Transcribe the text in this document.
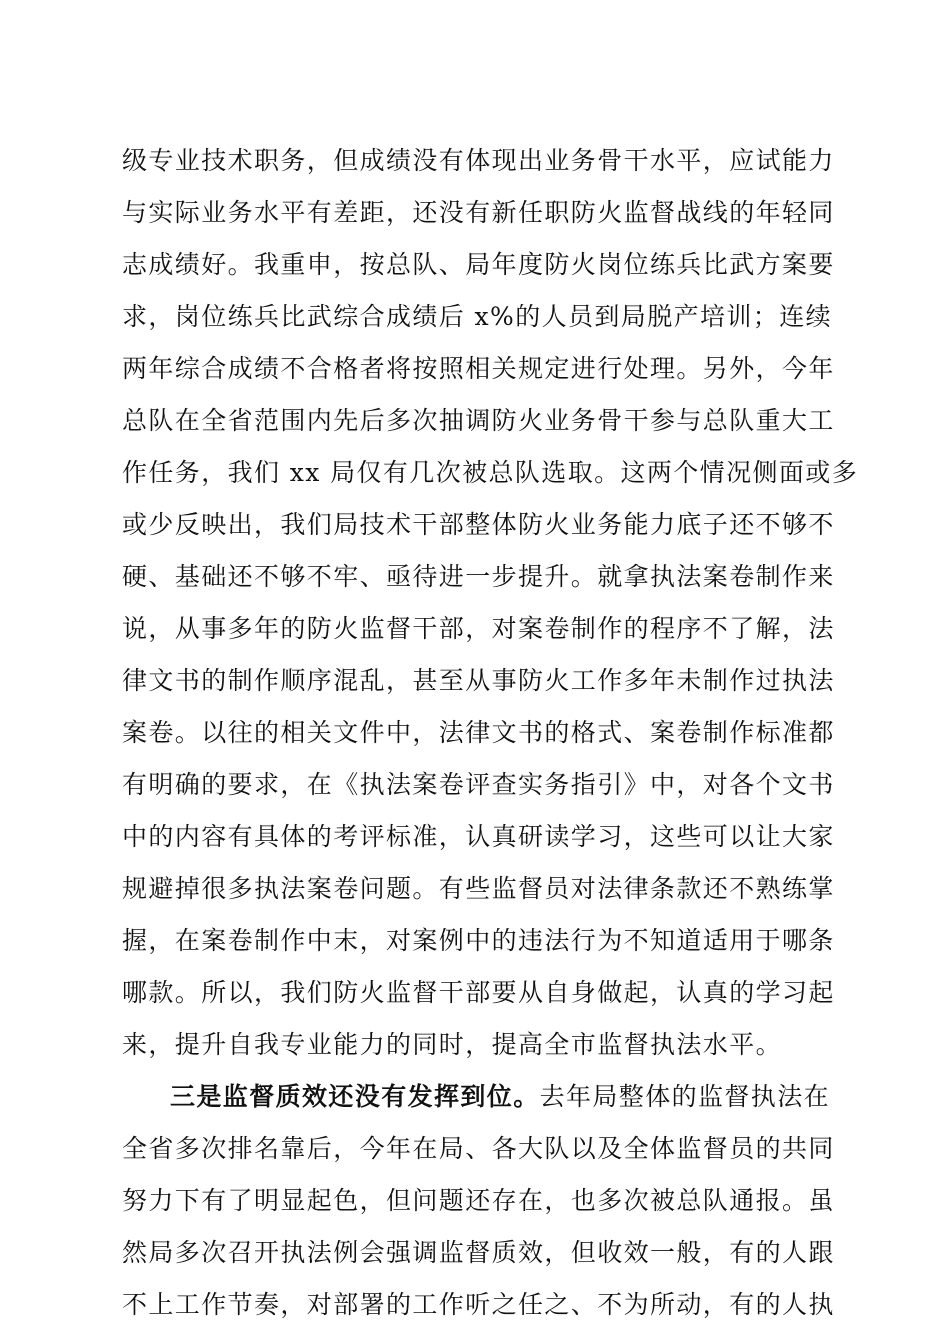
级专业技术职务，但成绩没有体现出业务骨干水平，应试能力
与实际业务水平有差距，还没有新任职防火监督战线的年轻同
志成绩好。我重申，按总队、局年度防火岗位练兵比武方案要
求，岗位练兵比武综合成绩后 x%的人员到局脱产培训；连续
两年综合成绩不合格者将按照相关规定进行处理。另外，今年
总队在全省范围内先后多次抽调防火业务骨干参与总队重大工
作任务，我们 xx 局仅有几次被总队选取。这两个情况侧面或多
或少反映出，我们局技术干部整体防火业务能力底子还不够不
硬、基础还不够不牢、亟待进一步提升。就拿执法案卷制作来
说，从事多年的防火监督干部，对案卷制作的程序不了解，法
律文书的制作顺序混乱，甚至从事防火工作多年未制作过执法
案卷。以往的相关文件中，法律文书的格式、案卷制作标准都
有明确的要求，在《执法案卷评查实务指引》中，对各个文书
中的内容有具体的考评标准，认真研读学习，这些可以让大家
规避掉很多执法案卷问题。有些监督员对法律条款还不熟练掌
握，在案卷制作中末，对案例中的违法行为不知道适用于哪条
哪款。所以，我们防火监督干部要从自身做起，认真的学习起
来，提升自我专业能力的同时，提高全市监督执法水平。
三是监督质效还没有发挥到位。去年局整体的监督执法在
全省多次排名靠后，今年在局、各大队以及全体监督员的共同
努力下有了明显起色，但问题还存在，也多次被总队通报。虽
然局多次召开执法例会强调监督质效，但收效一般，有的人跟
不上工作节奏，对部署的工作听之任之、不为所动，有的人执
